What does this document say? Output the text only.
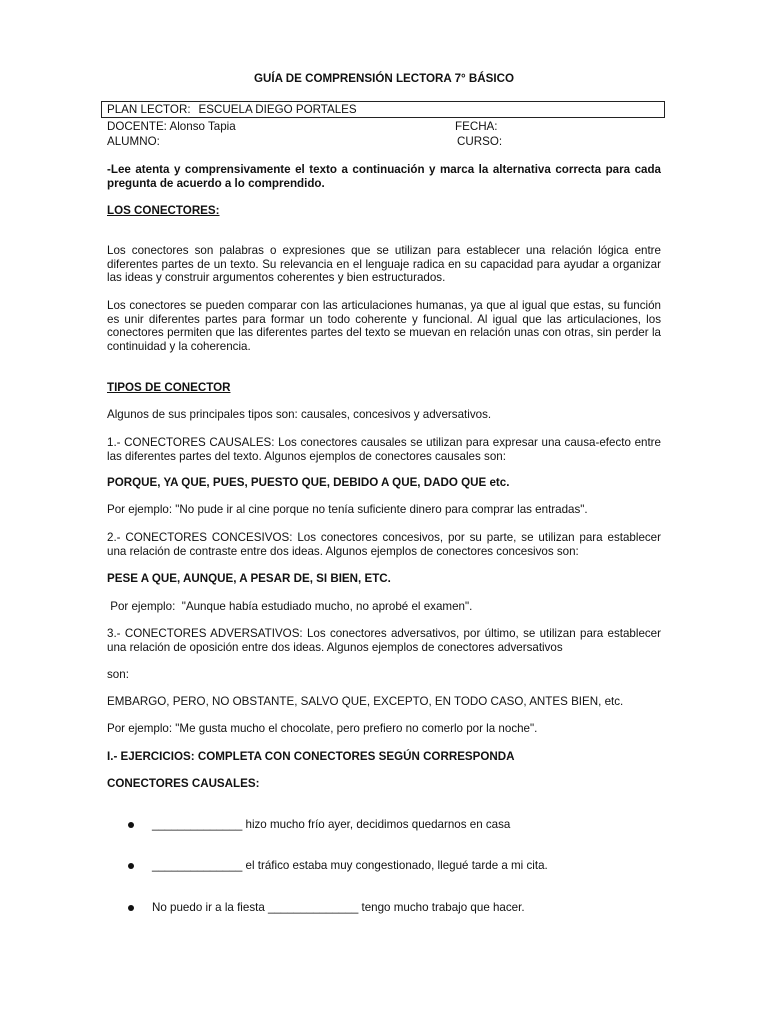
GUÍA DE COMPRENSIÓN LECTORA 7° BÁSICO

PLAN LECTOR: ESCUELA DIEGO PORTALES

DOCENTE: Alonso Tapia	FECHA:

ALUMNO:	CURSO:

-Lee atenta y comprensivamente el texto a continuación y marca la alternativa correcta para cada pregunta de acuerdo a lo comprendido.

LOS CONECTORES:

Los conectores son palabras o expresiones que se utilizan para establecer una relación lógica entre diferentes partes de un texto. Su relevancia en el lenguaje radica en su capacidad para ayudar a organizar las ideas y construir argumentos coherentes y bien estructurados.

Los conectores se pueden comparar con las articulaciones humanas, ya que al igual que estas, su función es unir diferentes partes para formar un todo coherente y funcional. Al igual que las articulaciones, los conectores permiten que las diferentes partes del texto se muevan en relación unas con otras, sin perder la continuidad y la coherencia.

TIPOS DE CONECTOR

Algunos de sus principales tipos son: causales, concesivos y adversativos.

1.- CONECTORES CAUSALES: Los conectores causales se utilizan para expresar una causa-efecto entre las diferentes partes del texto. Algunos ejemplos de conectores causales son:

PORQUE, YA QUE, PUES, PUESTO QUE, DEBIDO A QUE, DADO QUE etc.

Por ejemplo: "No pude ir al cine porque no tenía suficiente dinero para comprar las entradas".

2.- CONECTORES CONCESIVOS: Los conectores concesivos, por su parte, se utilizan para establecer una relación de contraste entre dos ideas. Algunos ejemplos de conectores concesivos son:

PESE A QUE, AUNQUE, A PESAR DE, SI BIEN, ETC.

Por ejemplo:  "Aunque había estudiado mucho, no aprobé el examen".

3.- CONECTORES ADVERSATIVOS: Los conectores adversativos, por último, se utilizan para establecer una relación de oposición entre dos ideas. Algunos ejemplos de conectores adversativos

son:

EMBARGO, PERO, NO OBSTANTE, SALVO QUE, EXCEPTO, EN TODO CASO, ANTES BIEN, etc.

Por ejemplo: "Me gusta mucho el chocolate, pero prefiero no comerlo por la noche".

I.- EJERCICIOS: COMPLETA CON CONECTORES SEGÚN CORRESPONDA

CONECTORES CAUSALES:

______________ hizo mucho frío ayer, decidimos quedarnos en casa

______________ el tráfico estaba muy congestionado, llegué tarde a mi cita.

No puedo ir a la fiesta ______________ tengo mucho trabajo que hacer.
